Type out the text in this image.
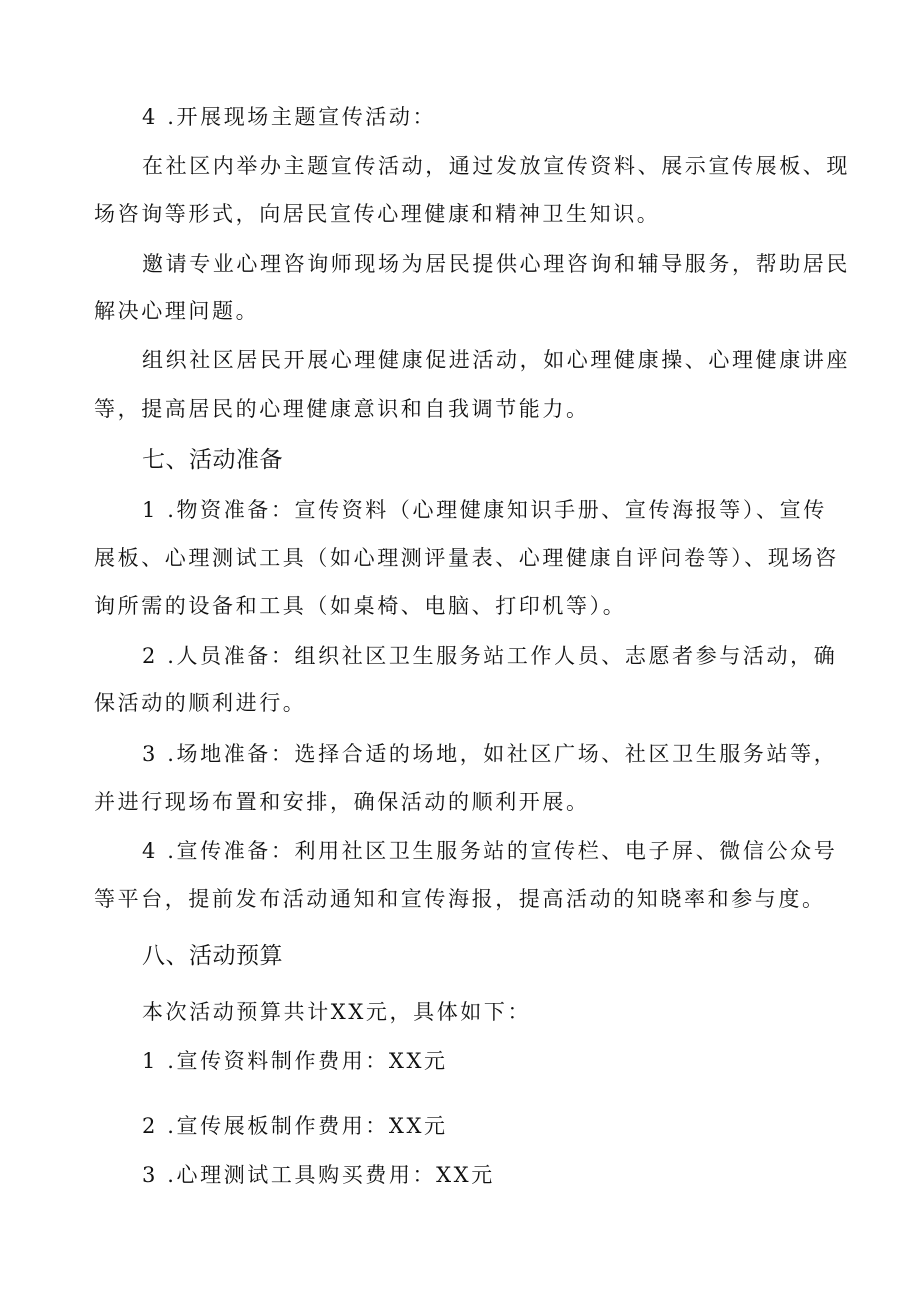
4 .开展现场主题宣传活动：
在社区内举办主题宣传活动，通过发放宣传资料、展示宣传展板、现
场咨询等形式，向居民宣传心理健康和精神卫生知识。
邀请专业心理咨询师现场为居民提供心理咨询和辅导服务，帮助居民
解决心理问题。
组织社区居民开展心理健康促进活动，如心理健康操、心理健康讲座
等，提高居民的心理健康意识和自我调节能力。
七、活动准备
1 .物资准备：宣传资料（心理健康知识手册、宣传海报等）、宣传
展板、心理测试工具（如心理测评量表、心理健康自评问卷等）、现场咨
询所需的设备和工具（如桌椅、电脑、打印机等）。
2 .人员准备：组织社区卫生服务站工作人员、志愿者参与活动，确
保活动的顺利进行。
3 .场地准备：选择合适的场地，如社区广场、社区卫生服务站等，
并进行现场布置和安排，确保活动的顺利开展。
4 .宣传准备：利用社区卫生服务站的宣传栏、电子屏、微信公众号
等平台，提前发布活动通知和宣传海报，提高活动的知晓率和参与度。
八、活动预算
本次活动预算共计XX元，具体如下：
1 .宣传资料制作费用：XX元
2 .宣传展板制作费用：XX元
3 .心理测试工具购买费用：XX元
